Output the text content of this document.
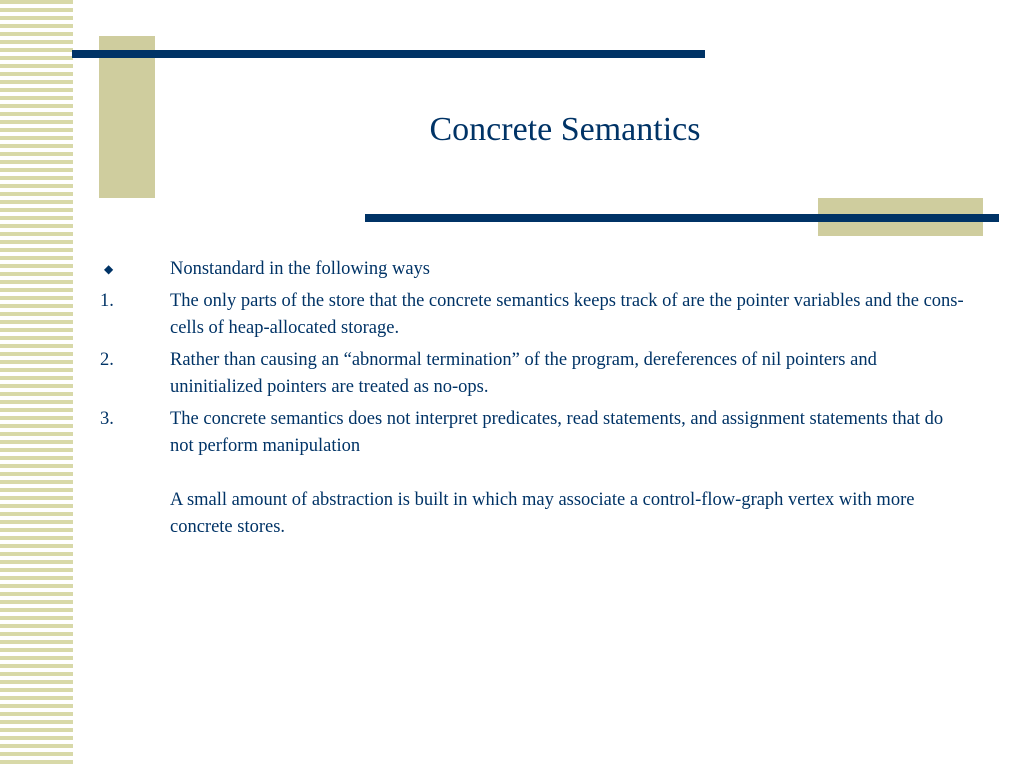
Concrete Semantics
◆	Nonstandard in the following ways
1.	The only parts of the store that the concrete semantics keeps track of are the pointer variables and the cons-cells of heap-allocated storage.
2.	Rather than causing an “abnormal termination” of the program, dereferences of nil pointers and uninitialized pointers are treated as no-ops.
3.	The concrete semantics does not interpret predicates, read statements, and assignment statements that do not perform manipulation
A small amount of abstraction is built in which may associate a control-flow-graph vertex with more concrete stores.
